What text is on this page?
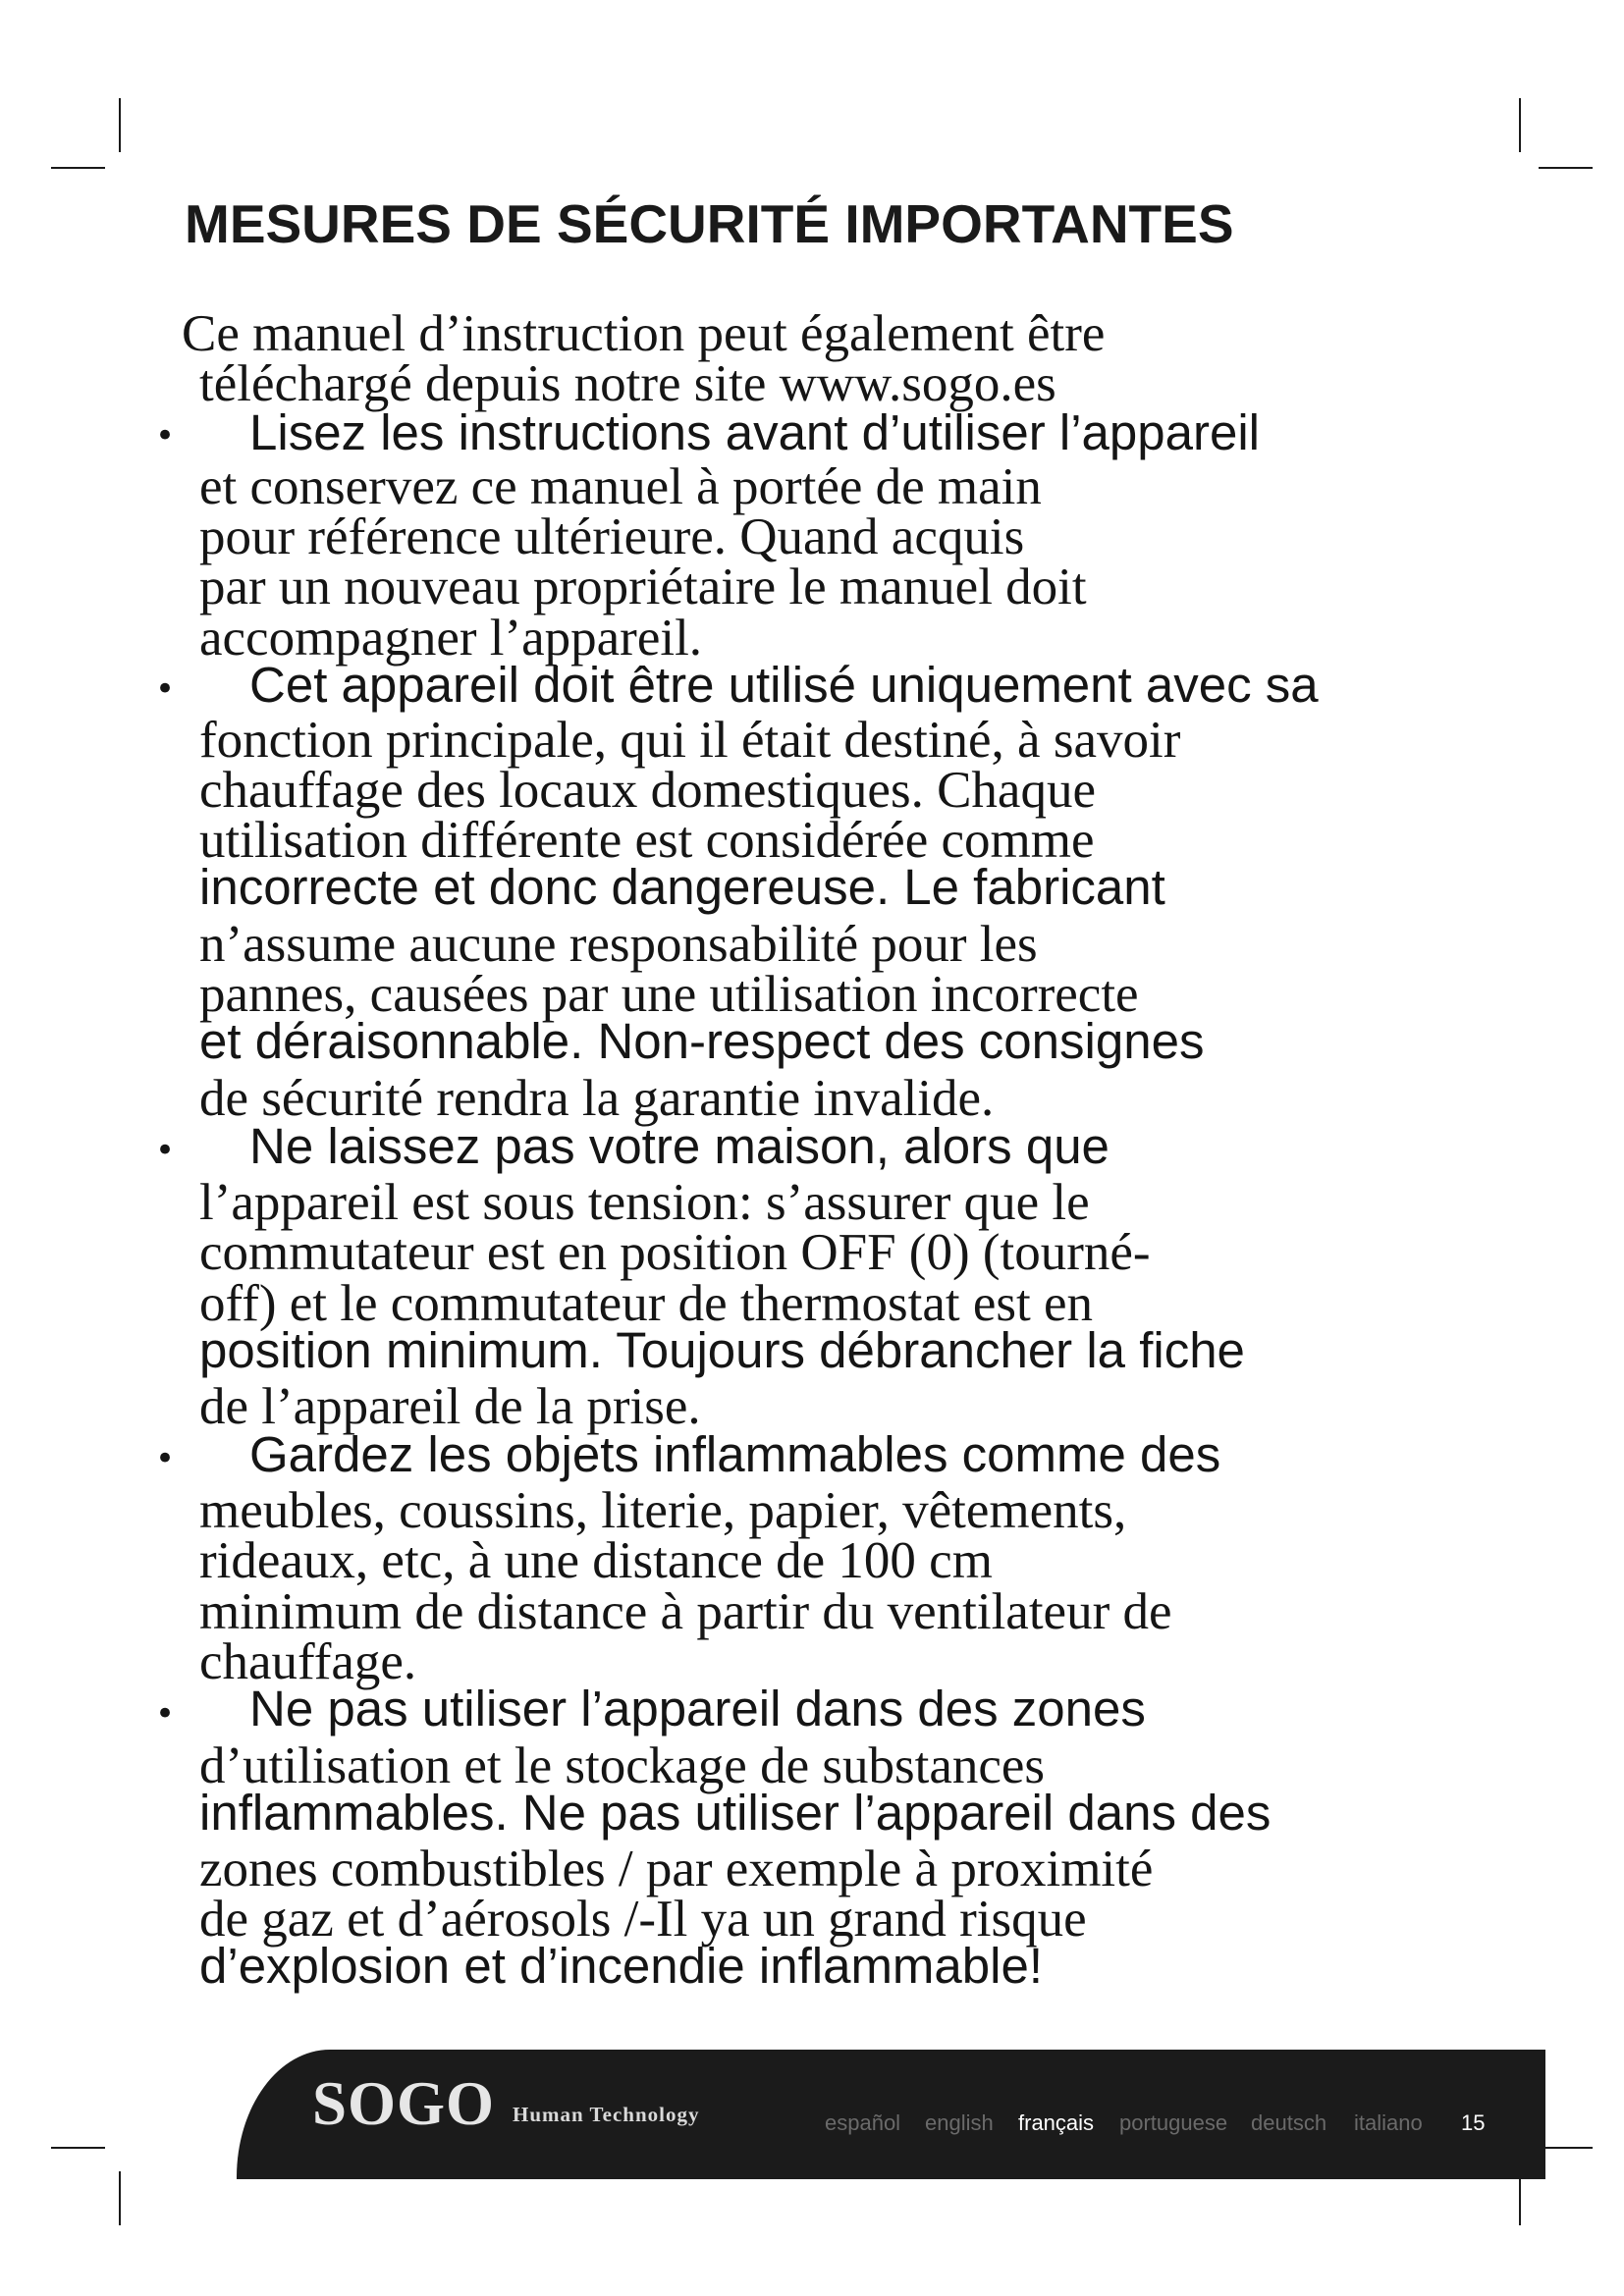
MESURES DE SÉCURITÉ IMPORTANTES
Ce manuel d’instruction peut également être
téléchargé depuis notre site www.sogo.es
• Lisez les instructions avant d’utiliser l’appareil
et conservez ce manuel à portée de main
pour référence ultérieure. Quand acquis
par un nouveau propriétaire le manuel doit
accompagner l’appareil.
• Cet appareil doit être utilisé uniquement avec sa
fonction principale, qui il était destiné, à savoir
chauffage des locaux domestiques. Chaque
utilisation différente est considérée comme
incorrecte et donc dangereuse. Le fabricant
n’assume aucune responsabilité pour les
pannes, causées par une utilisation incorrecte
et déraisonnable. Non-respect des consignes
de sécurité rendra la garantie invalide.
• Ne laissez pas votre maison, alors que
l’appareil est sous tension: s’assurer que le
commutateur est en position OFF (0) (tourné-
off) et le commutateur de thermostat est en
position minimum. Toujours débrancher la fiche
de l’appareil de la prise.
• Gardez les objets inflammables comme des
meubles, coussins, literie, papier, vêtements,
rideaux, etc, à une distance de 100 cm
minimum de distance à partir du ventilateur de
chauffage.
• Ne pas utiliser l’appareil dans des zones
d’utilisation et le stockage de substances
inflammables. Ne pas utiliser l’appareil dans des
zones combustibles / par exemple à proximité
de gaz et d’aérosols /-Il ya un grand risque
d’explosion et d’incendie inflammable!
SOGO Human Technology	español english français portuguese deutsch italiano 15
